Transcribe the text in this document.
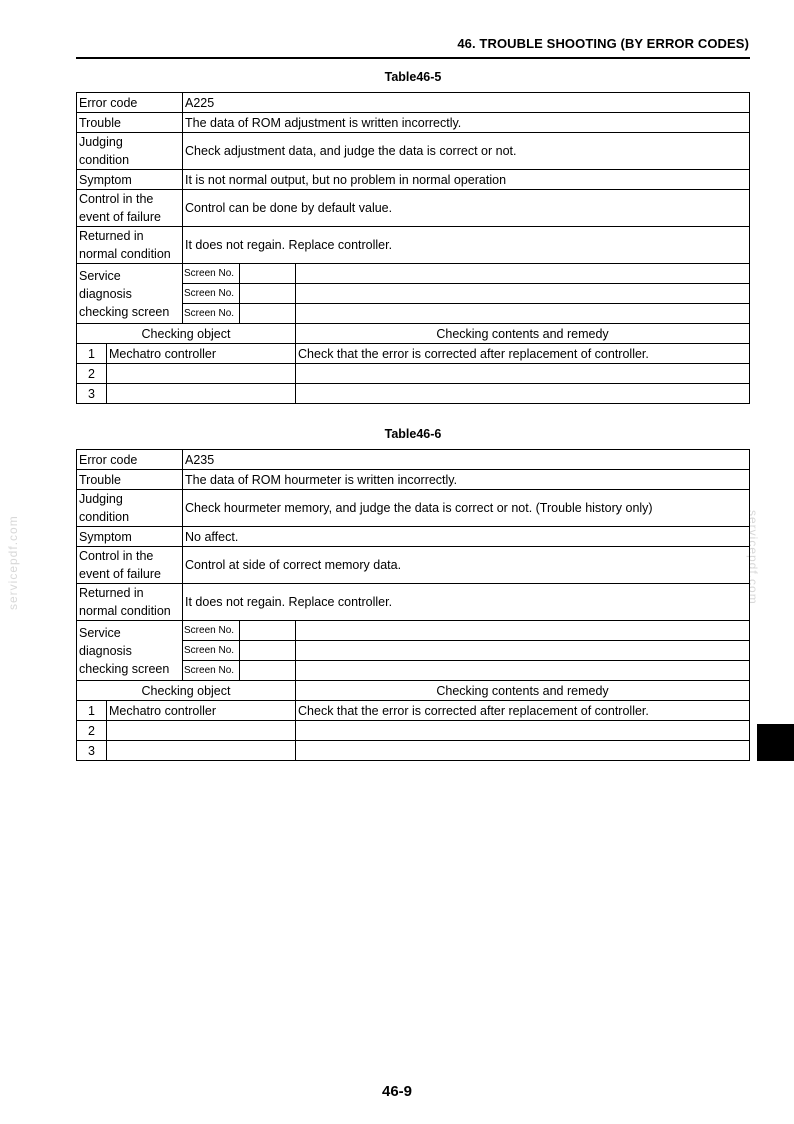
46. TROUBLE SHOOTING (BY ERROR CODES)
servicepdf.com	servicepdf.com
Table46-5
Error code		A225		
Trouble		The data of ROM adjustment is written incorrectly.		
Judging
condition		Check adjustment data, and judge the data is correct or not.		
Symptom		It is not normal output, but no problem in normal operation		
Control in the
event of failure		Control can be done by default value.		
Returned in
normal condition		It does not regain. Replace controller.		
Service
diagnosis
checking screen		Screen No.		
		Screen No.		
		Screen No.		
Checking object				Checking contents and remedy
1	Mechatro controller			Check that the error is corrected after replacement of controller.
2				
3				
Table46-6
Error code		A235		
Trouble		The data of ROM hourmeter is written incorrectly.		
Judging
condition		Check hourmeter memory, and judge the data is correct or not. (Trouble history only)		
Symptom		No affect.		
Control in the
event of failure		Control at side of correct memory data.		
Returned in
normal condition		It does not regain. Replace controller.		
Service
diagnosis
checking screen		Screen No.		
		Screen No.		
		Screen No.		
Checking object				Checking contents and remedy
1	Mechatro controller			Check that the error is corrected after replacement of controller.
2				
3				
46-9
